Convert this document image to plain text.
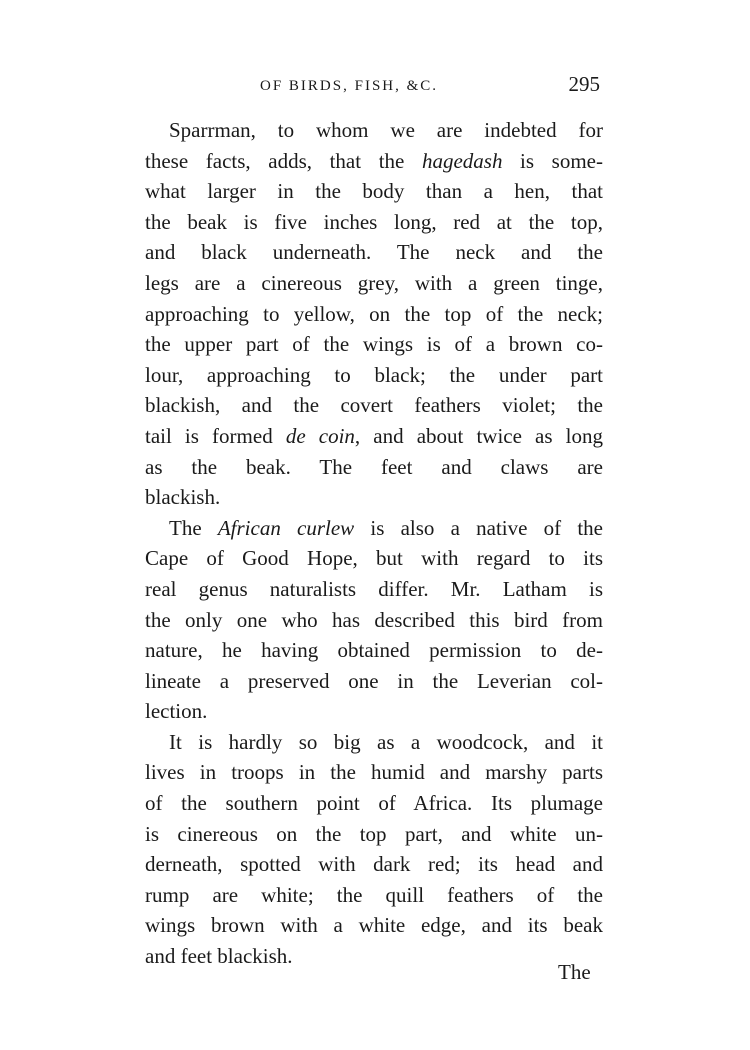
OF BIRDS, FISH, &C.	295
Sparrman, to whom we are indebted for
these facts, adds, that the hagedash is some-
what larger in the body than a hen, that
the beak is five inches long, red at the top,
and black underneath. The neck and the
legs are a cinereous grey, with a green tinge,
approaching to yellow, on the top of the neck;
the upper part of the wings is of a brown co-
lour, approaching to black; the under part
blackish, and the covert feathers violet; the
tail is formed de coin, and about twice as long
as the beak. The feet and claws are
blackish.
The African curlew is also a native of the
Cape of Good Hope, but with regard to its
real genus naturalists differ. Mr. Latham is
the only one who has described this bird from
nature, he having obtained permission to de-
lineate a preserved one in the Leverian col-
lection.
It is hardly so big as a woodcock, and it
lives in troops in the humid and marshy parts
of the southern point of Africa. Its plumage
is cinereous on the top part, and white un-
derneath, spotted with dark red; its head and
rump are white; the quill feathers of the
wings brown with a white edge, and its beak
and feet blackish.
The
